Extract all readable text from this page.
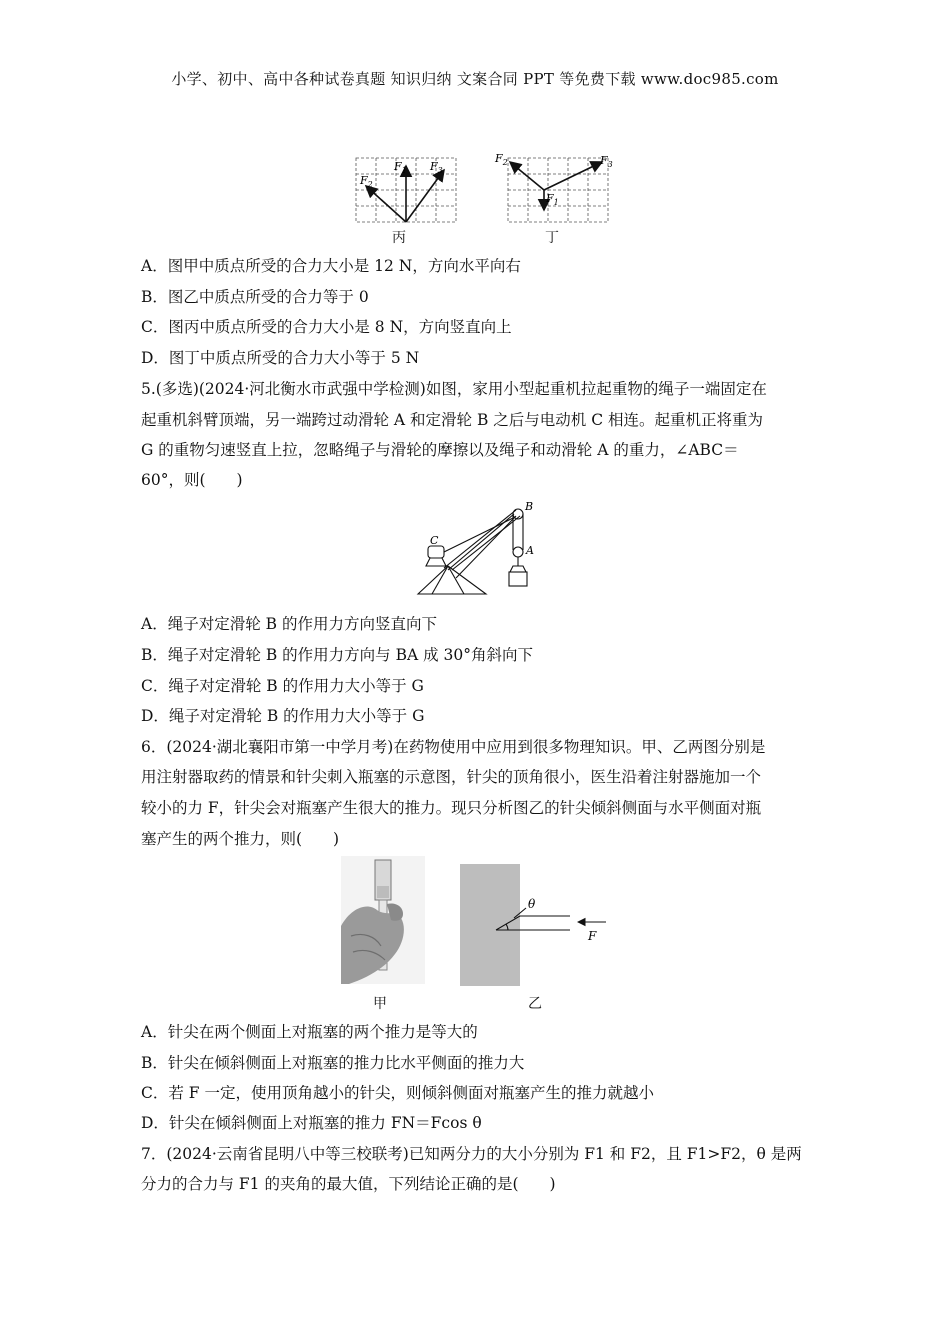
小学、初中、高中各种试卷真题 知识归纳 文案合同 PPT 等免费下载 www.doc985.com
$F_2$
$F_1$ $F_3$
$F_2$	$F_3$
$F_1$
丙	丁
A．图甲中质点所受的合力大小是 12 N，方向水平向右
B．图乙中质点所受的合力等于 0
C．图丙中质点所受的合力大小是 8 N，方向竖直向上
D．图丁中质点所受的合力大小等于 5 N
5.(多选)(2024·河北衡水市武强中学检测)如图，家用小型起重机拉起重物的绳子一端固定在
起重机斜臂顶端，另一端跨过动滑轮 A 和定滑轮 B 之后与电动机 C 相连。起重机正将重为
G 的重物匀速竖直上拉，忽略绳子与滑轮的摩擦以及绳子和动滑轮 A 的重力，∠ABC＝
60°，则(　　)
B
A
C
A．绳子对定滑轮 B 的作用力方向竖直向下
B．绳子对定滑轮 B 的作用力方向与 BA 成 30°角斜向下
C．绳子对定滑轮 B 的作用力大小等于 G
D．绳子对定滑轮 B 的作用力大小等于 G
6．(2024·湖北襄阳市第一中学月考)在药物使用中应用到很多物理知识。甲、乙两图分别是
用注射器取药的情景和针尖刺入瓶塞的示意图，针尖的顶角很小，医生沿着注射器施加一个
较小的力 F，针尖会对瓶塞产生很大的推力。现只分析图乙的针尖倾斜侧面与水平侧面对瓶
塞产生的两个推力，则(　　)
θ
F
甲	乙
A．针尖在两个侧面上对瓶塞的两个推力是等大的
B．针尖在倾斜侧面上对瓶塞的推力比水平侧面的推力大
C．若 F 一定，使用顶角越小的针尖，则倾斜侧面对瓶塞产生的推力就越小
D．针尖在倾斜侧面上对瓶塞的推力 FN＝Fcos θ
7．(2024·云南省昆明八中等三校联考)已知两分力的大小分别为 F1 和 F2，且 F1>F2，θ 是两
分力的合力与 F1 的夹角的最大值，下列结论正确的是(　　)
